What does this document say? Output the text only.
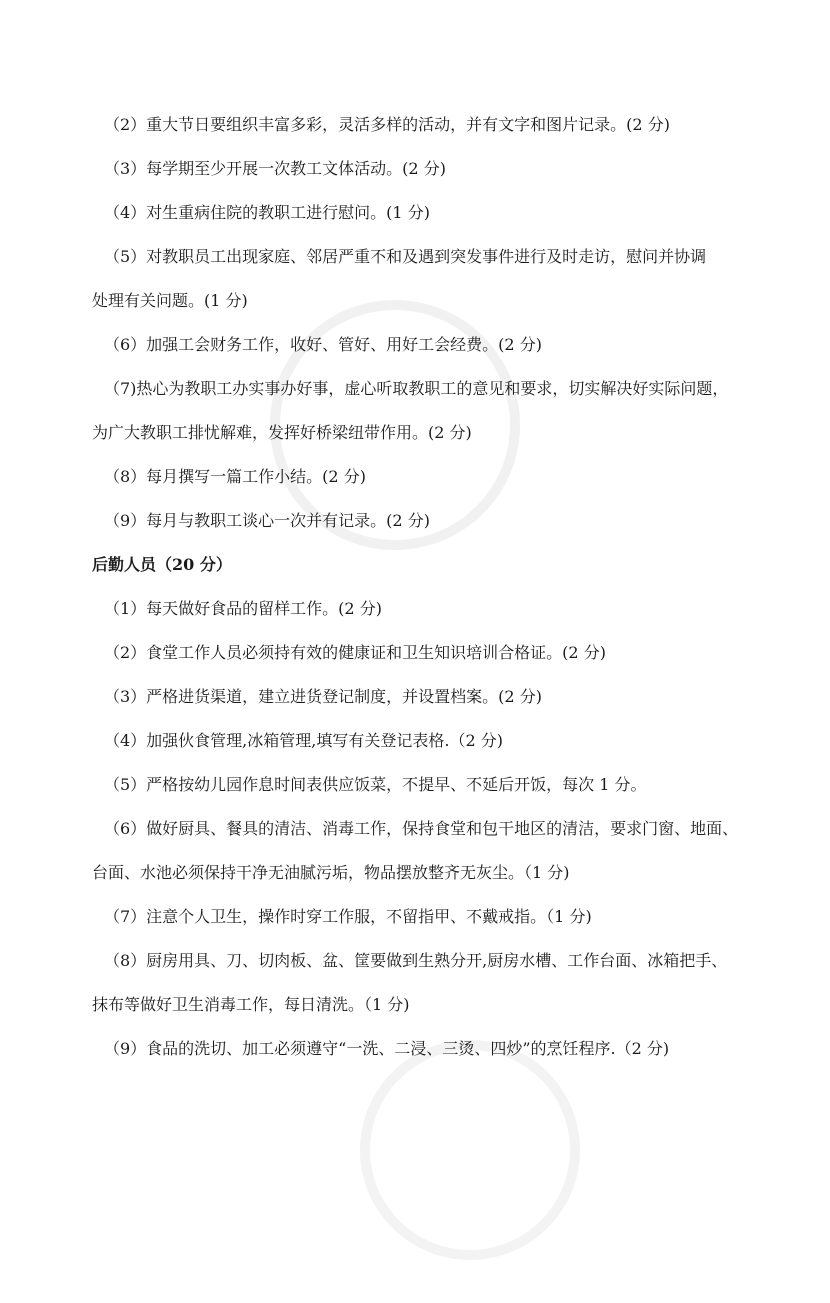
（2）重大节日要组织丰富多彩，灵活多样的活动，并有文字和图片记录。(2 分)
（3）每学期至少开展一次教工文体活动。(2 分)
（4）对生重病住院的教职工进行慰问。(1 分)
（5）对教职员工出现家庭、邻居严重不和及遇到突发事件进行及时走访，慰问并协调
处理有关问题。(1 分)
（6）加强工会财务工作，收好、管好、用好工会经费。(2 分)
（7)热心为教职工办实事办好事，虚心听取教职工的意见和要求，切实解决好实际问题，
为广大教职工排忧解难，发挥好桥梁纽带作用。(2 分)
（8）每月撰写一篇工作小结。(2 分)
（9）每月与教职工谈心一次并有记录。(2 分)
后勤人员（20 分）
（1）每天做好食品的留样工作。(2 分)
（2）食堂工作人员必须持有效的健康证和卫生知识培训合格证。(2 分)
（3）严格进货渠道，建立进货登记制度，并设置档案。(2 分)
（4）加强伙食管理,冰箱管理,填写有关登记表格.（2 分)
（5）严格按幼儿园作息时间表供应饭菜，不提早、不延后开饭，每次 1 分。
（6）做好厨具、餐具的清洁、消毒工作，保持食堂和包干地区的清洁，要求门窗、地面、
台面、水池必须保持干净无油腻污垢，物品摆放整齐无灰尘。（1 分)
（7）注意个人卫生，操作时穿工作服，不留指甲、不戴戒指。（1 分)
（8）厨房用具、刀、切肉板、盆、筐要做到生熟分开,厨房水槽、工作台面、冰箱把手、
抹布等做好卫生消毒工作，每日清洗。（1 分)
（9）食品的洗切、加工必须遵守“一洗、二浸、三烫、四炒”的烹饪程序.（2 分)
